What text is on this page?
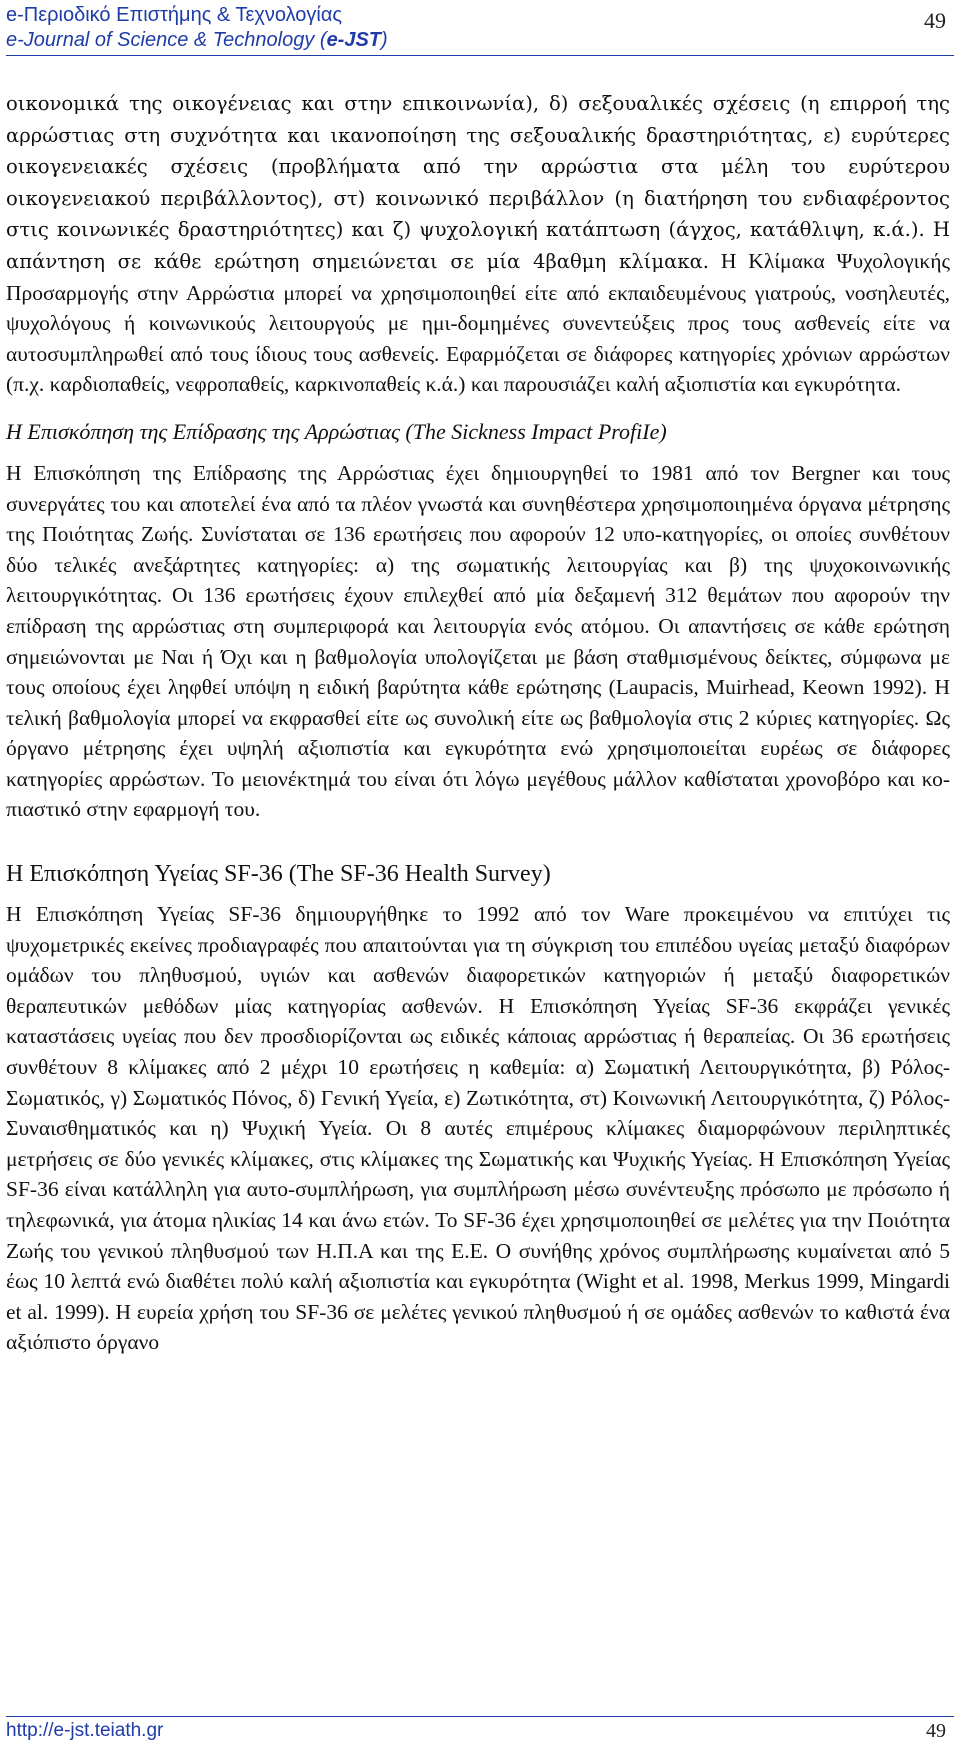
e-Περιοδικό Επιστήμης & Τεχνολογίας
e-Journal of Science & Technology (e-JST)
49

οικονομικά της οικογένειας και στην επικοινωνία), δ) σεξουαλικές σχέσεις (η επιρροή της αρρώστιας στη συχνότητα και ικανοποίηση της σεξουαλικής δραστηριότητας, ε) ευρύτερες οικογενειακές σχέσεις (προβλήματα από την αρρώστια στα μέλη του ευρύτερου οικογενειακού περιβάλλοντος), στ) κοινωνικό περιβάλλον (η διατήρηση του ενδιαφέροντος στις κοινωνικές δραστηριότητες) και ζ) ψυχολογική κατάπτωση (άγχος, κατάθλιψη, κ.ά.). Η απάντηση σε κάθε ερώτηση σημειώνεται σε μία 4βαθμη κλίμακα. Η Κλίμακα Ψυχολογικής Προσαρμογής στην Αρρώστια μπορεί να χρησιμοποιηθεί είτε από εκπαιδευμένους γιατρούς, νοσηλευτές, ψυχολόγους ή κοινωνικούς λειτουργούς με ημι-δομημένες συνεντεύξεις προς τους ασθενείς είτε να αυτοσυμπληρωθεί από τους ίδιους τους ασθενείς. Εφαρμόζεται σε διάφορες κατηγορίες χρόνιων αρρώστων (π.χ. καρδιοπαθείς, νεφροπαθείς, καρκινοπαθείς κ.ά.) και παρουσιάζει καλή αξιοπιστία και εγκυρότητα.

Η Επισκόπηση της Επίδρασης της Αρρώστιας (The Sickness Impact ProfiIe)

Η Επισκόπηση της Επίδρασης της Αρρώστιας έχει δημιουργηθεί το 1981 από τον Bergner και τους συνεργάτες του και αποτελεί ένα από τα πλέον γνωστά και συνηθέστερα χρησιμοποιημένα όργανα μέτρησης της Ποιότητας Ζωής. Συνίσταται σε 136 ερωτήσεις που αφορούν 12 υπο-κατηγορίες, οι οποίες συνθέτουν δύο τελικές ανεξάρτητες κατηγορίες: α) της σωματικής λειτουργίας και β) της ψυχοκοινωνικής λειτουργικότητας. Οι 136 ερωτήσεις έχουν επιλεχθεί από μία δεξαμενή 312 θεμάτων που αφορούν την επίδραση της αρρώστιας στη συμπεριφορά και λειτουργία ενός ατόμου. Οι απαντήσεις σε κάθε ερώτηση σημειώνονται με Ναι ή Όχι και η βαθμολογία υπολογίζεται με βάση σταθμισμένους δείκτες, σύμφωνα με τους οποίους έχει ληφθεί υπόψη η ειδική βαρύτητα κάθε ερώτησης (Laupacis, Muirhead, Keown 1992). Η τελική βαθμολογία μπορεί να εκφρασθεί είτε ως συνολική είτε ως βαθμολογία στις 2 κύριες κατηγορίες. Ως όργανο μέτρησης έχει υψηλή αξιοπιστία και εγκυρότητα ενώ χρησιμοποιείται ευρέως σε διάφορες κατηγορίες αρρώστων. Το μειονέκτημά του είναι ότι λόγω μεγέθους μάλλον καθίσταται χρονοβόρο και κο-πιαστικό στην εφαρμογή του.

Η Επισκόπηση Υγείας SF-36 (The SF-36 Health Survey)

Η Επισκόπηση Υγείας SF-36 δημιουργήθηκε το 1992 από τον Ware προκειμένου να επιτύχει τις ψυχομετρικές εκείνες προδιαγραφές που απαιτούνται για τη σύγκριση του επιπέδου υγείας μεταξύ διαφόρων ομάδων του πληθυσμού, υγιών και ασθενών διαφορετικών κατηγοριών ή μεταξύ διαφορετικών θεραπευτικών μεθόδων μίας κατηγορίας ασθενών. Η Επισκόπηση Υγείας SF-36 εκφράζει γενικές καταστάσεις υγείας που δεν προσδιορίζονται ως ειδικές κάποιας αρρώστιας ή θεραπείας. Οι 36 ερωτήσεις συνθέτουν 8 κλίμακες από 2 μέχρι 10 ερωτήσεις η καθεμία: α) Σωματική Λειτουργικότητα, β) Ρόλος-Σωματικός, γ) Σωματικός Πόνος, δ) Γενική Υγεία, ε) Ζωτικότητα, στ) Κοινωνική Λειτουργικότητα, ζ) Ρόλος-Συναισθηματικός και η) Ψυχική Υγεία. Οι 8 αυτές επιμέρους κλίμακες διαμορφώνουν περιληπτικές μετρήσεις σε δύο γενικές κλίμακες, στις κλίμακες της Σωματικής και Ψυχικής Υγείας. Η Επισκόπηση Υγείας SF-36 είναι κατάλληλη για αυτο-συμπλήρωση, για συμπλήρωση μέσω συνέντευξης πρόσωπο με πρόσωπο ή τηλεφωνικά, για άτομα ηλικίας 14 και άνω ετών. Το SF-36 έχει χρησιμοποιηθεί σε μελέτες για την Ποιότητα Ζωής του γενικού πληθυσμού των Η.Π.Α και της Ε.Ε. Ο συνήθης χρόνος συμπλήρωσης κυμαίνεται από 5 έως 10 λεπτά ενώ διαθέτει πολύ καλή αξιοπιστία και εγκυρότητα (Wight et al. 1998, Merkus 1999, Mingardi et al. 1999). Η ευρεία χρήση του SF-36 σε μελέτες γενικού πληθυσμού ή σε ομάδες ασθενών το καθιστά ένα αξιόπιστο όργανο

http://e-jst.teiath.gr	49
